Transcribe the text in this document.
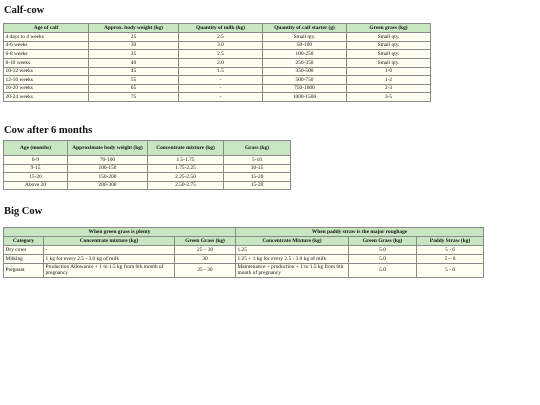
Calf-cow
Age of calf	Approx. body weight (kg)	Quantity of milk (kg)	Quantity of calf starter (g)	Green grass (kg)
4 days to 4 weeks	25	2.5	Small qty.	Small qty.
4-6 weeks	30	3.0	50-100	Small qty.
6-8 weeks	35	2.5	100-250	Small qty.
8-10 weeks	40	2.0	250-350	Small qty.
10-12 weeks	45	1.5	350-500	1-0
12-16 weeks	55	-	500-750	1-2
16-20 weeks	65	-	750-1000	2-3
20-24 weeks	75	-	1000-1500	3-5
Cow after 6 months
Age (months)	Approximate body weight (kg)	Concentrate mixture (kg)	Grass (kg)
6-9	70-100	1.5-1.75	5-10
9-15	100-150	1.75-2.25	10-15
15-20	150-200	2.25-2.50	15-20
Above 20	200-300	2.50-2.75	15-20
Big Cow
When green grass is plenty			When paddy straw is the major roughage		
Category	Concentrate mixture (kg)	Green Grass (kg)	Concentrate Mixture (kg)	Green Grass (kg)	Paddy Straw (kg)
Dry cows	-	25 – 30	1.25	5.0	5 - 6
Milking	1 kg for every 2.5 - 3.0 kg of milk	30	1.25 + 1 kg for every 2.5 - 3.0 kg of milk	5.0	5 – 6
Pregnant	Production Allowance + 1 to 1.5 kg from 6th month of pregnancy	25 - 30	Maintenance + production + 1 to 1.5 kg from 6th month of pregnancy	5.0	5 - 6
